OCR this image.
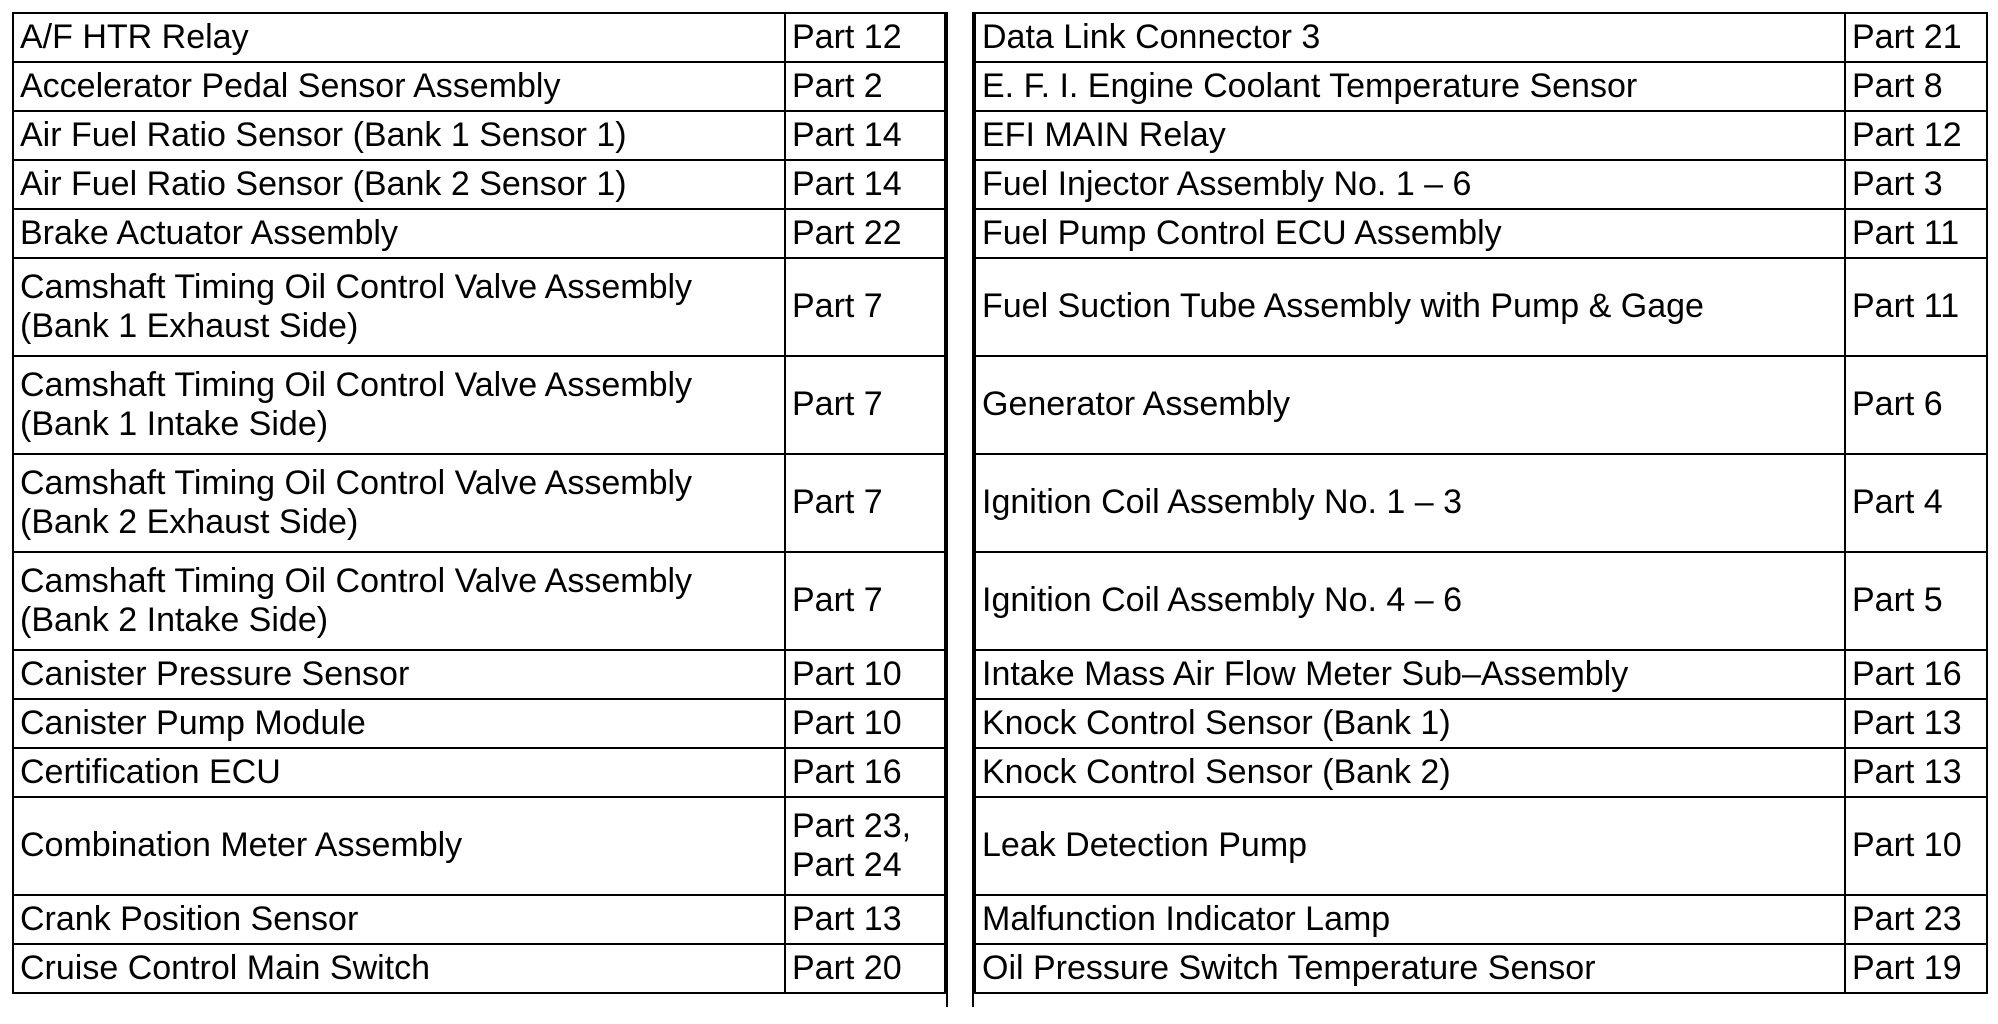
A/F HTR Relay	Part 12
Accelerator Pedal Sensor Assembly	Part 2
Air Fuel Ratio Sensor (Bank 1 Sensor 1)	Part 14
Air Fuel Ratio Sensor (Bank 2 Sensor 1)	Part 14
Brake Actuator Assembly	Part 22
Camshaft Timing Oil Control Valve Assembly (Bank 1 Exhaust Side)	Part 7
Camshaft Timing Oil Control Valve Assembly (Bank 1 Intake Side)	Part 7
Camshaft Timing Oil Control Valve Assembly (Bank 2 Exhaust Side)	Part 7
Camshaft Timing Oil Control Valve Assembly (Bank 2 Intake Side)	Part 7
Canister Pressure Sensor	Part 10
Canister Pump Module	Part 10
Certification ECU	Part 16
Combination Meter Assembly	Part 23, Part 24
Crank Position Sensor	Part 13
Cruise Control Main Switch	Part 20
Data Link Connector 3	Part 21
E. F. I. Engine Coolant Temperature Sensor	Part 8
EFI MAIN Relay	Part 12
Fuel Injector Assembly No. 1 – 6	Part 3
Fuel Pump Control ECU Assembly	Part 11
Fuel Suction Tube Assembly with Pump & Gage	Part 11
Generator Assembly	Part 6
Ignition Coil Assembly No. 1 – 3	Part 4
Ignition Coil Assembly No. 4 – 6	Part 5
Intake Mass Air Flow Meter Sub–Assembly	Part 16
Knock Control Sensor (Bank 1)	Part 13
Knock Control Sensor (Bank 2)	Part 13
Leak Detection Pump	Part 10
Malfunction Indicator Lamp	Part 23
Oil Pressure Switch Temperature Sensor	Part 19
